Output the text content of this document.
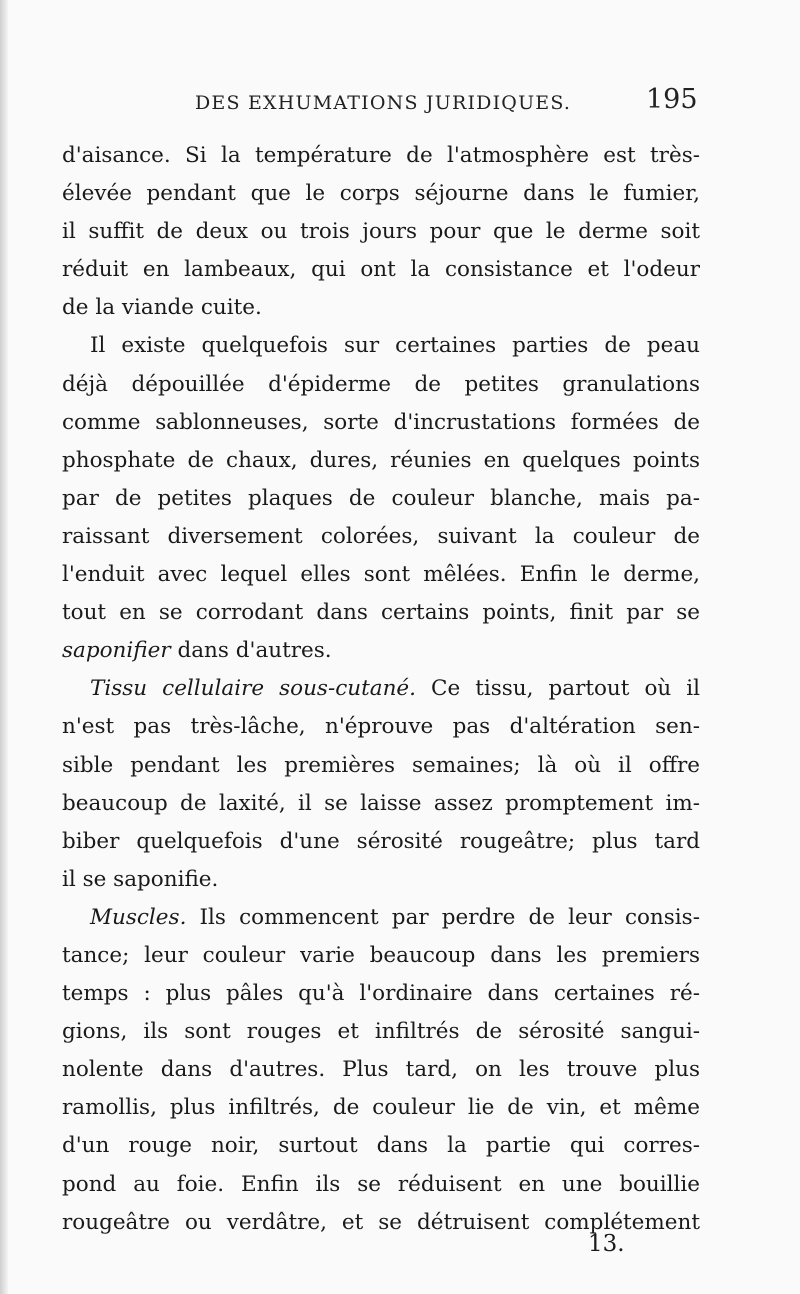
DES EXHUMATIONS JURIDIQUES.	195
d'aisance. Si la température de l'atmosphère est très-
élevée pendant que le corps séjourne dans le fumier,
il suffit de deux ou trois jours pour que le derme soit
réduit en lambeaux, qui ont la consistance et l'odeur
de la viande cuite.
Il existe quelquefois sur certaines parties de peau
déjà dépouillée d'épiderme de petites granulations
comme sablonneuses, sorte d'incrustations formées de
phosphate de chaux, dures, réunies en quelques points
par de petites plaques de couleur blanche, mais pa-
raissant diversement colorées, suivant la couleur de
l'enduit avec lequel elles sont mêlées. Enfin le derme,
tout en se corrodant dans certains points, finit par se
saponifier dans d'autres.
Tissu cellulaire sous-cutané. Ce tissu, partout où il
n'est pas très-lâche, n'éprouve pas d'altération sen-
sible pendant les premières semaines; là où il offre
beaucoup de laxité, il se laisse assez promptement im-
biber quelquefois d'une sérosité rougeâtre; plus tard
il se saponifie.
Muscles. Ils commencent par perdre de leur consis-
tance; leur couleur varie beaucoup dans les premiers
temps : plus pâles qu'à l'ordinaire dans certaines ré-
gions, ils sont rouges et infiltrés de sérosité sangui-
nolente dans d'autres. Plus tard, on les trouve plus
ramollis, plus infiltrés, de couleur lie de vin, et même
d'un rouge noir, surtout dans la partie qui corres-
pond au foie. Enfin ils se réduisent en une bouillie
rougeâtre ou verdâtre, et se détruisent complétement
13.
